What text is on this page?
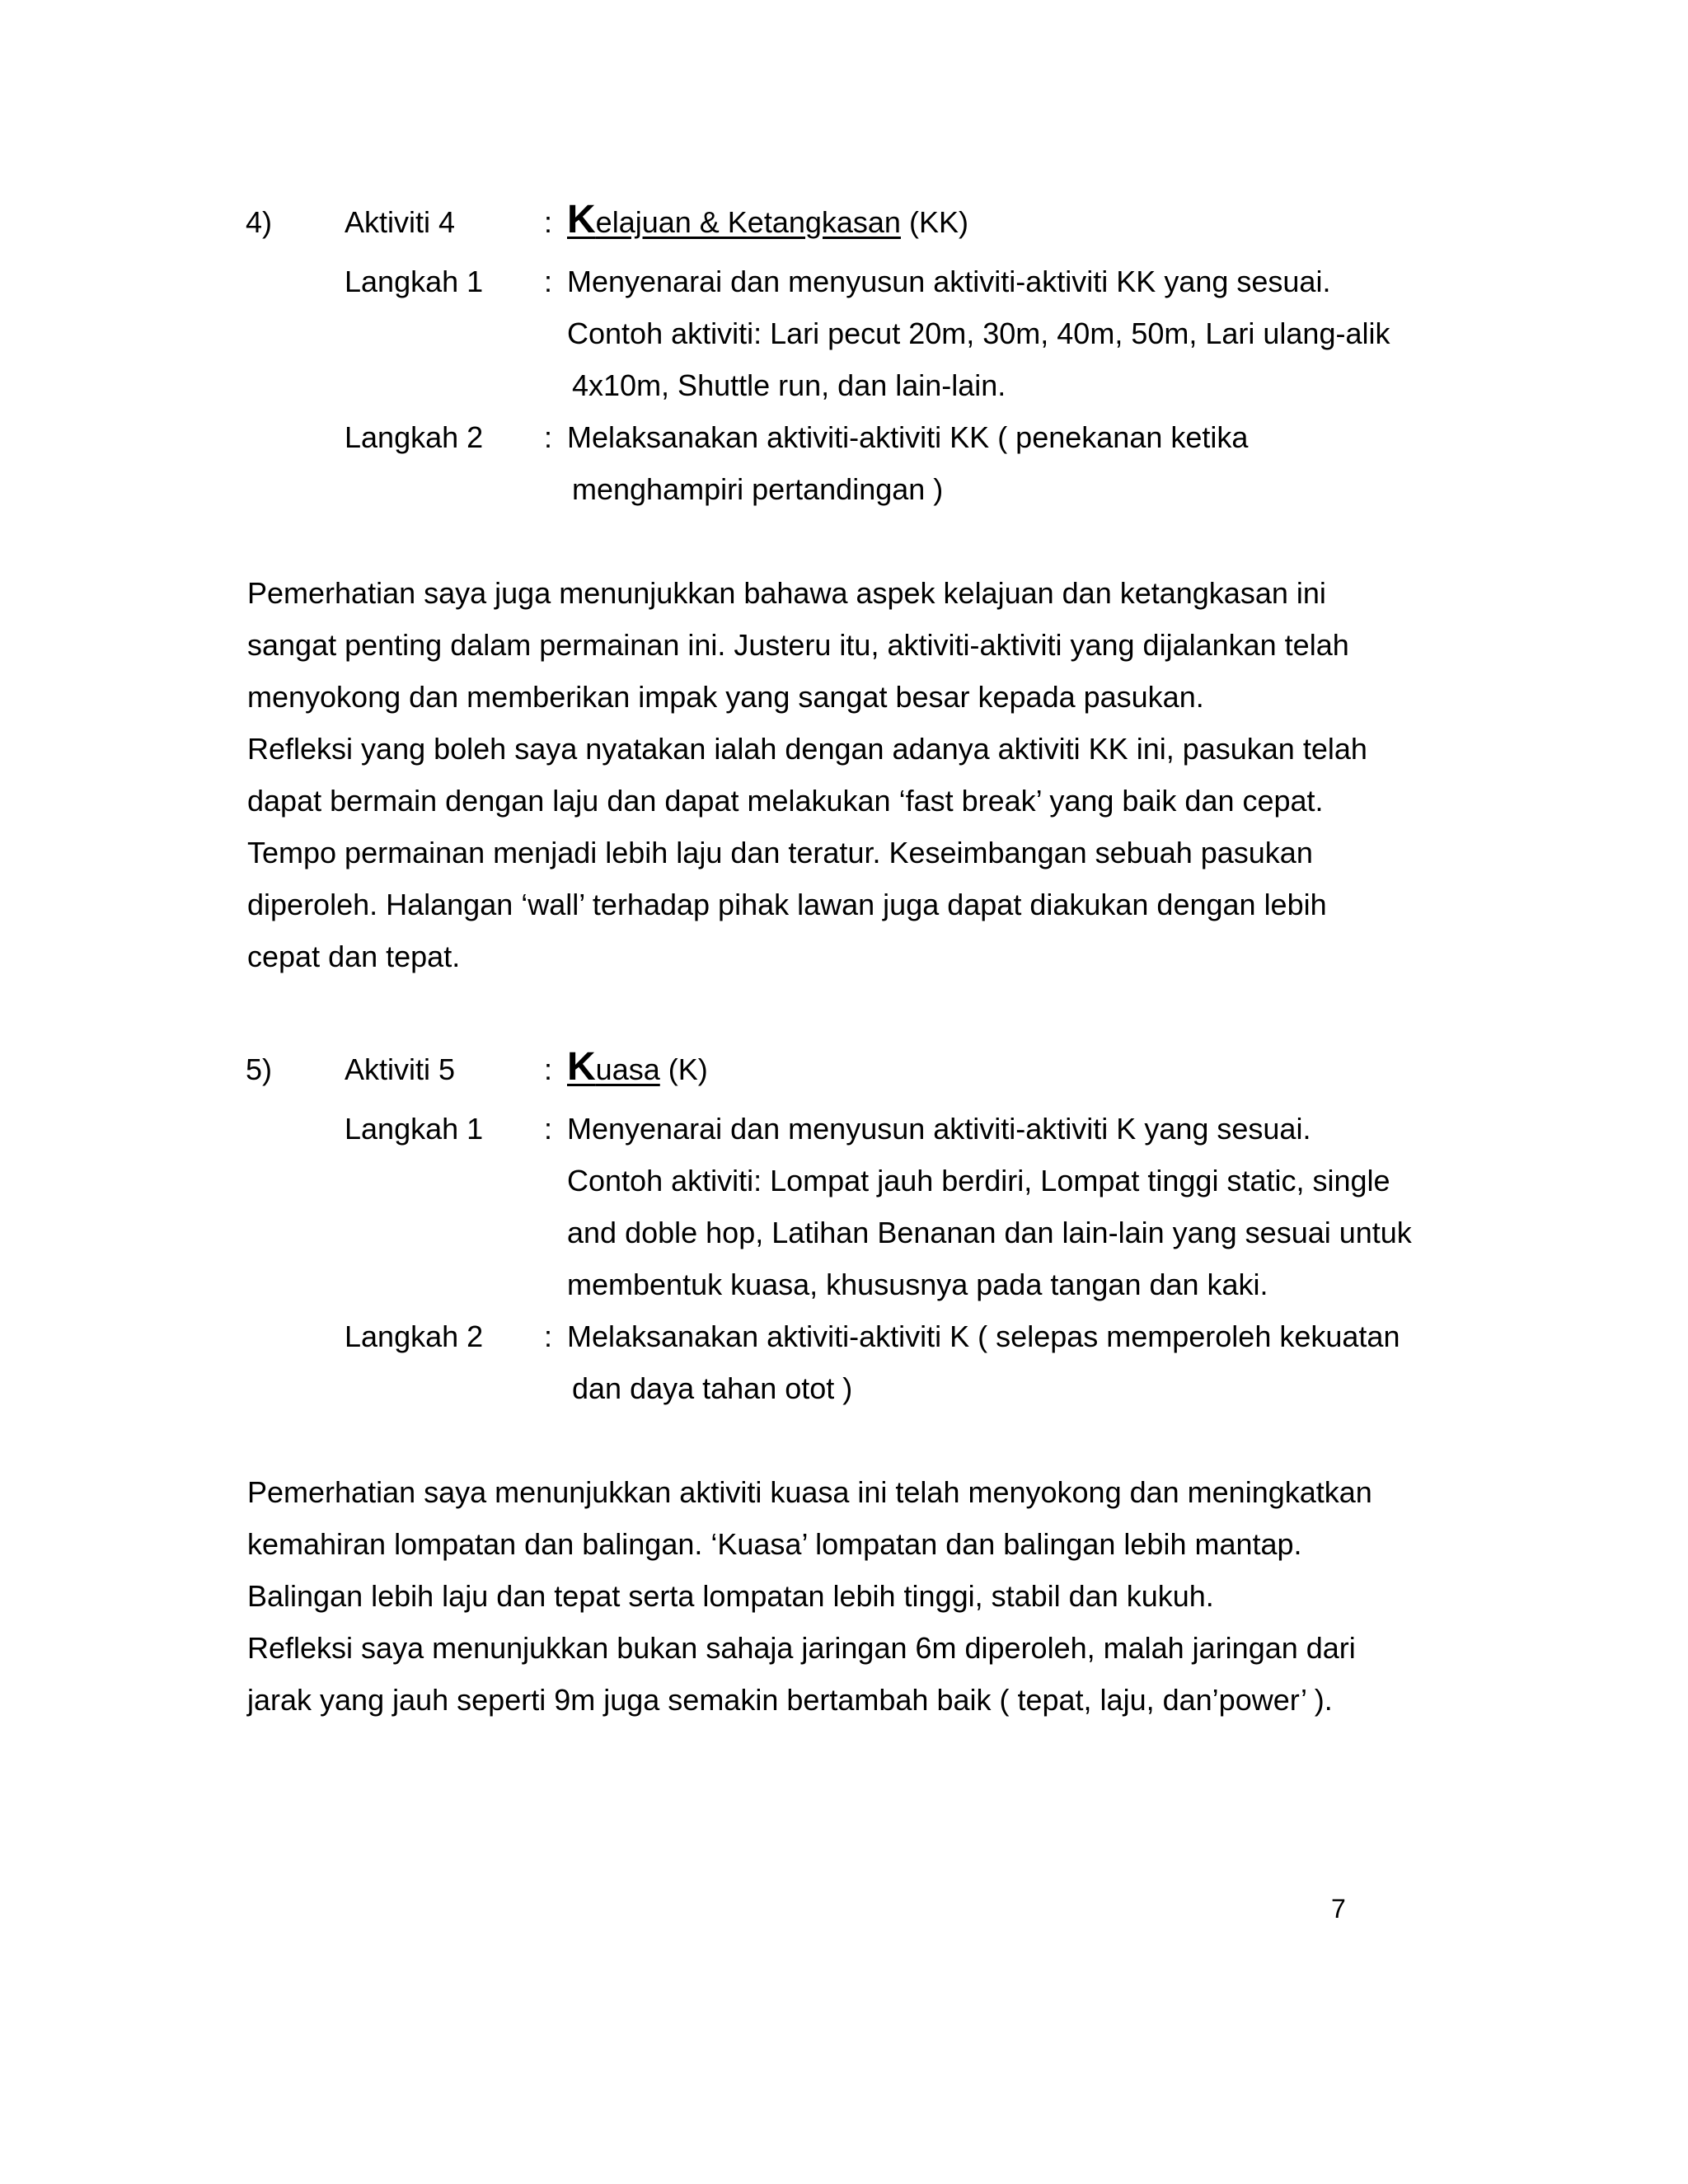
4) Aktiviti 4	: Kelajuan & Ketangkasan (KK)
Langkah 1 : Menyenarai dan menyusun aktiviti-aktiviti KK yang sesuai.
Contoh aktiviti: Lari pecut 20m, 30m, 40m, 50m, Lari ulang-alik
4x10m, Shuttle run, dan lain-lain.
Langkah 2 : Melaksanakan aktiviti-aktiviti KK ( penekanan ketika
menghampiri pertandingan )
Pemerhatian saya juga menunjukkan bahawa aspek kelajuan dan ketangkasan ini
sangat penting dalam permainan ini. Justeru itu, aktiviti-aktiviti yang dijalankan telah
menyokong dan memberikan impak yang sangat besar kepada pasukan.
Refleksi yang boleh saya nyatakan ialah dengan adanya aktiviti KK ini, pasukan telah
dapat bermain dengan laju dan dapat melakukan ‘fast break’ yang baik dan cepat.
Tempo permainan menjadi lebih laju dan teratur. Keseimbangan sebuah pasukan
diperoleh. Halangan ‘wall’ terhadap pihak lawan juga dapat diakukan dengan lebih
cepat dan tepat.
5) Aktiviti 5	: Kuasa (K)
Langkah 1 : Menyenarai dan menyusun aktiviti-aktiviti K yang sesuai.
Contoh aktiviti: Lompat jauh berdiri, Lompat tinggi static, single
and doble hop, Latihan Benanan dan lain-lain yang sesuai untuk
membentuk kuasa, khususnya pada tangan dan kaki.
Langkah 2 : Melaksanakan aktiviti-aktiviti K ( selepas memperoleh kekuatan
dan daya tahan otot )
Pemerhatian saya menunjukkan aktiviti kuasa ini telah menyokong dan meningkatkan
kemahiran lompatan dan balingan. ‘Kuasa’ lompatan dan balingan lebih mantap.
Balingan lebih laju dan tepat serta lompatan lebih tinggi, stabil dan kukuh.
Refleksi saya menunjukkan bukan sahaja jaringan 6m diperoleh, malah jaringan dari
jarak yang jauh seperti 9m juga semakin bertambah baik ( tepat, laju, dan’power’ ).
7
